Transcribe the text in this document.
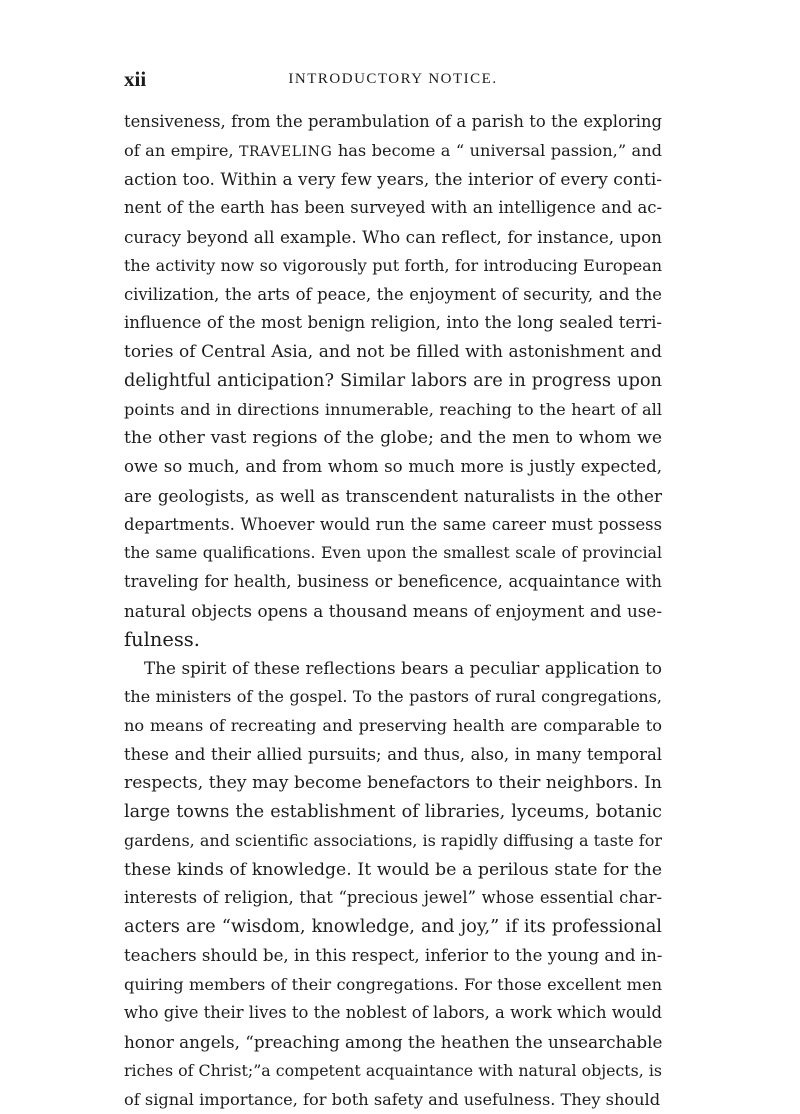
xii	INTRODUCTORY NOTICE.
tensiveness, from the perambulation of a parish to the exploring
of an empire, TRAVELING has become a “ universal passion,” and
action too. Within a very few years, the interior of every conti-
nent of the earth has been surveyed with an intelligence and ac-
curacy beyond all example. Who can reflect, for instance, upon
the activity now so vigorously put forth, for introducing European
civilization, the arts of peace, the enjoyment of security, and the
influence of the most benign religion, into the long sealed terri-
tories of Central Asia, and not be filled with astonishment and
delightful anticipation? Similar labors are in progress upon
points and in directions innumerable, reaching to the heart of all
the other vast regions of the globe; and the men to whom we
owe so much, and from whom so much more is justly expected,
are geologists, as well as transcendent naturalists in the other
departments. Whoever would run the same career must possess
the same qualifications. Even upon the smallest scale of provincial
traveling for health, business or beneficence, acquaintance with
natural objects opens a thousand means of enjoyment and use-
fulness.
The spirit of these reflections bears a peculiar application to
the ministers of the gospel. To the pastors of rural congregations,
no means of recreating and preserving health are comparable to
these and their allied pursuits; and thus, also, in many temporal
respects, they may become benefactors to their neighbors. In
large towns the establishment of libraries, lyceums, botanic
gardens, and scientific associations, is rapidly diffusing a taste for
these kinds of knowledge. It would be a perilous state for the
interests of religion, that “precious jewel” whose essential char-
acters are “wisdom, knowledge, and joy,” if its professional
teachers should be, in this respect, inferior to the young and in-
quiring members of their congregations. For those excellent men
who give their lives to the noblest of labors, a work which would
honor angels, “preaching among the heathen the unsearchable
riches of Christ;”a competent acquaintance with natural objects, is
of signal importance, for both safety and usefulness. They should
